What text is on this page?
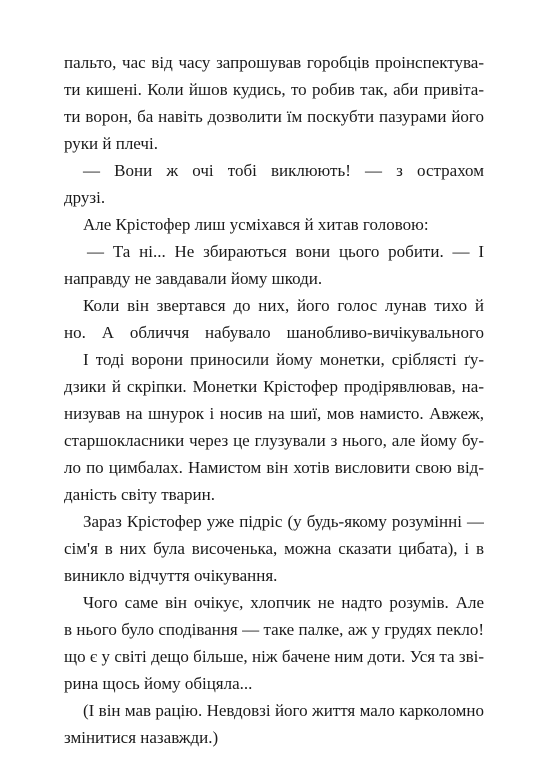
пальто, час від часу запрошував горобців проінспектува-
ти кишені. Коли йшов кудись, то робив так, аби привіта-
ти ворон, ба навіть дозволити їм поскубти пазурами його
руки й плечі.
— Вони ж очі тобі виклюють! — з острахом
друзі.
Але Крістофер лиш усміхався й хитав головою:
— Та ні... Не збираються вони цього робити. — І
направду не завдавали йому шкоди.
Коли він звертався до них, його голос лунав тихо й
но. А обличчя набувало шанобливо-вичікувального
І тоді ворони приносили йому монетки, сріблясті ґу-
дзики й скріпки. Монетки Крістофер продірявлював, на-
низував на шнурок і носив на шиї, мов намисто. Авжеж,
старшокласники через це глузували з нього, але йому бу-
ло по цимбалах. Намистом він хотів висловити свою від-
даність світу тварин.
Зараз Крістофер уже підріс (у будь-якому розумінні —
сім'я в них була височенька, можна сказати цибата), і в
виникло відчуття очікування.
Чого саме він очікує, хлопчик не надто розумів. Але
в нього було сподівання — таке палке, аж у грудях пекло!
що є у світі дещо більше, ніж бачене ним доти. Уся та зві-
рина щось йому обіцяла...
(І він мав рацію. Невдовзі його життя мало карколомно
змінитися назавжди.)
